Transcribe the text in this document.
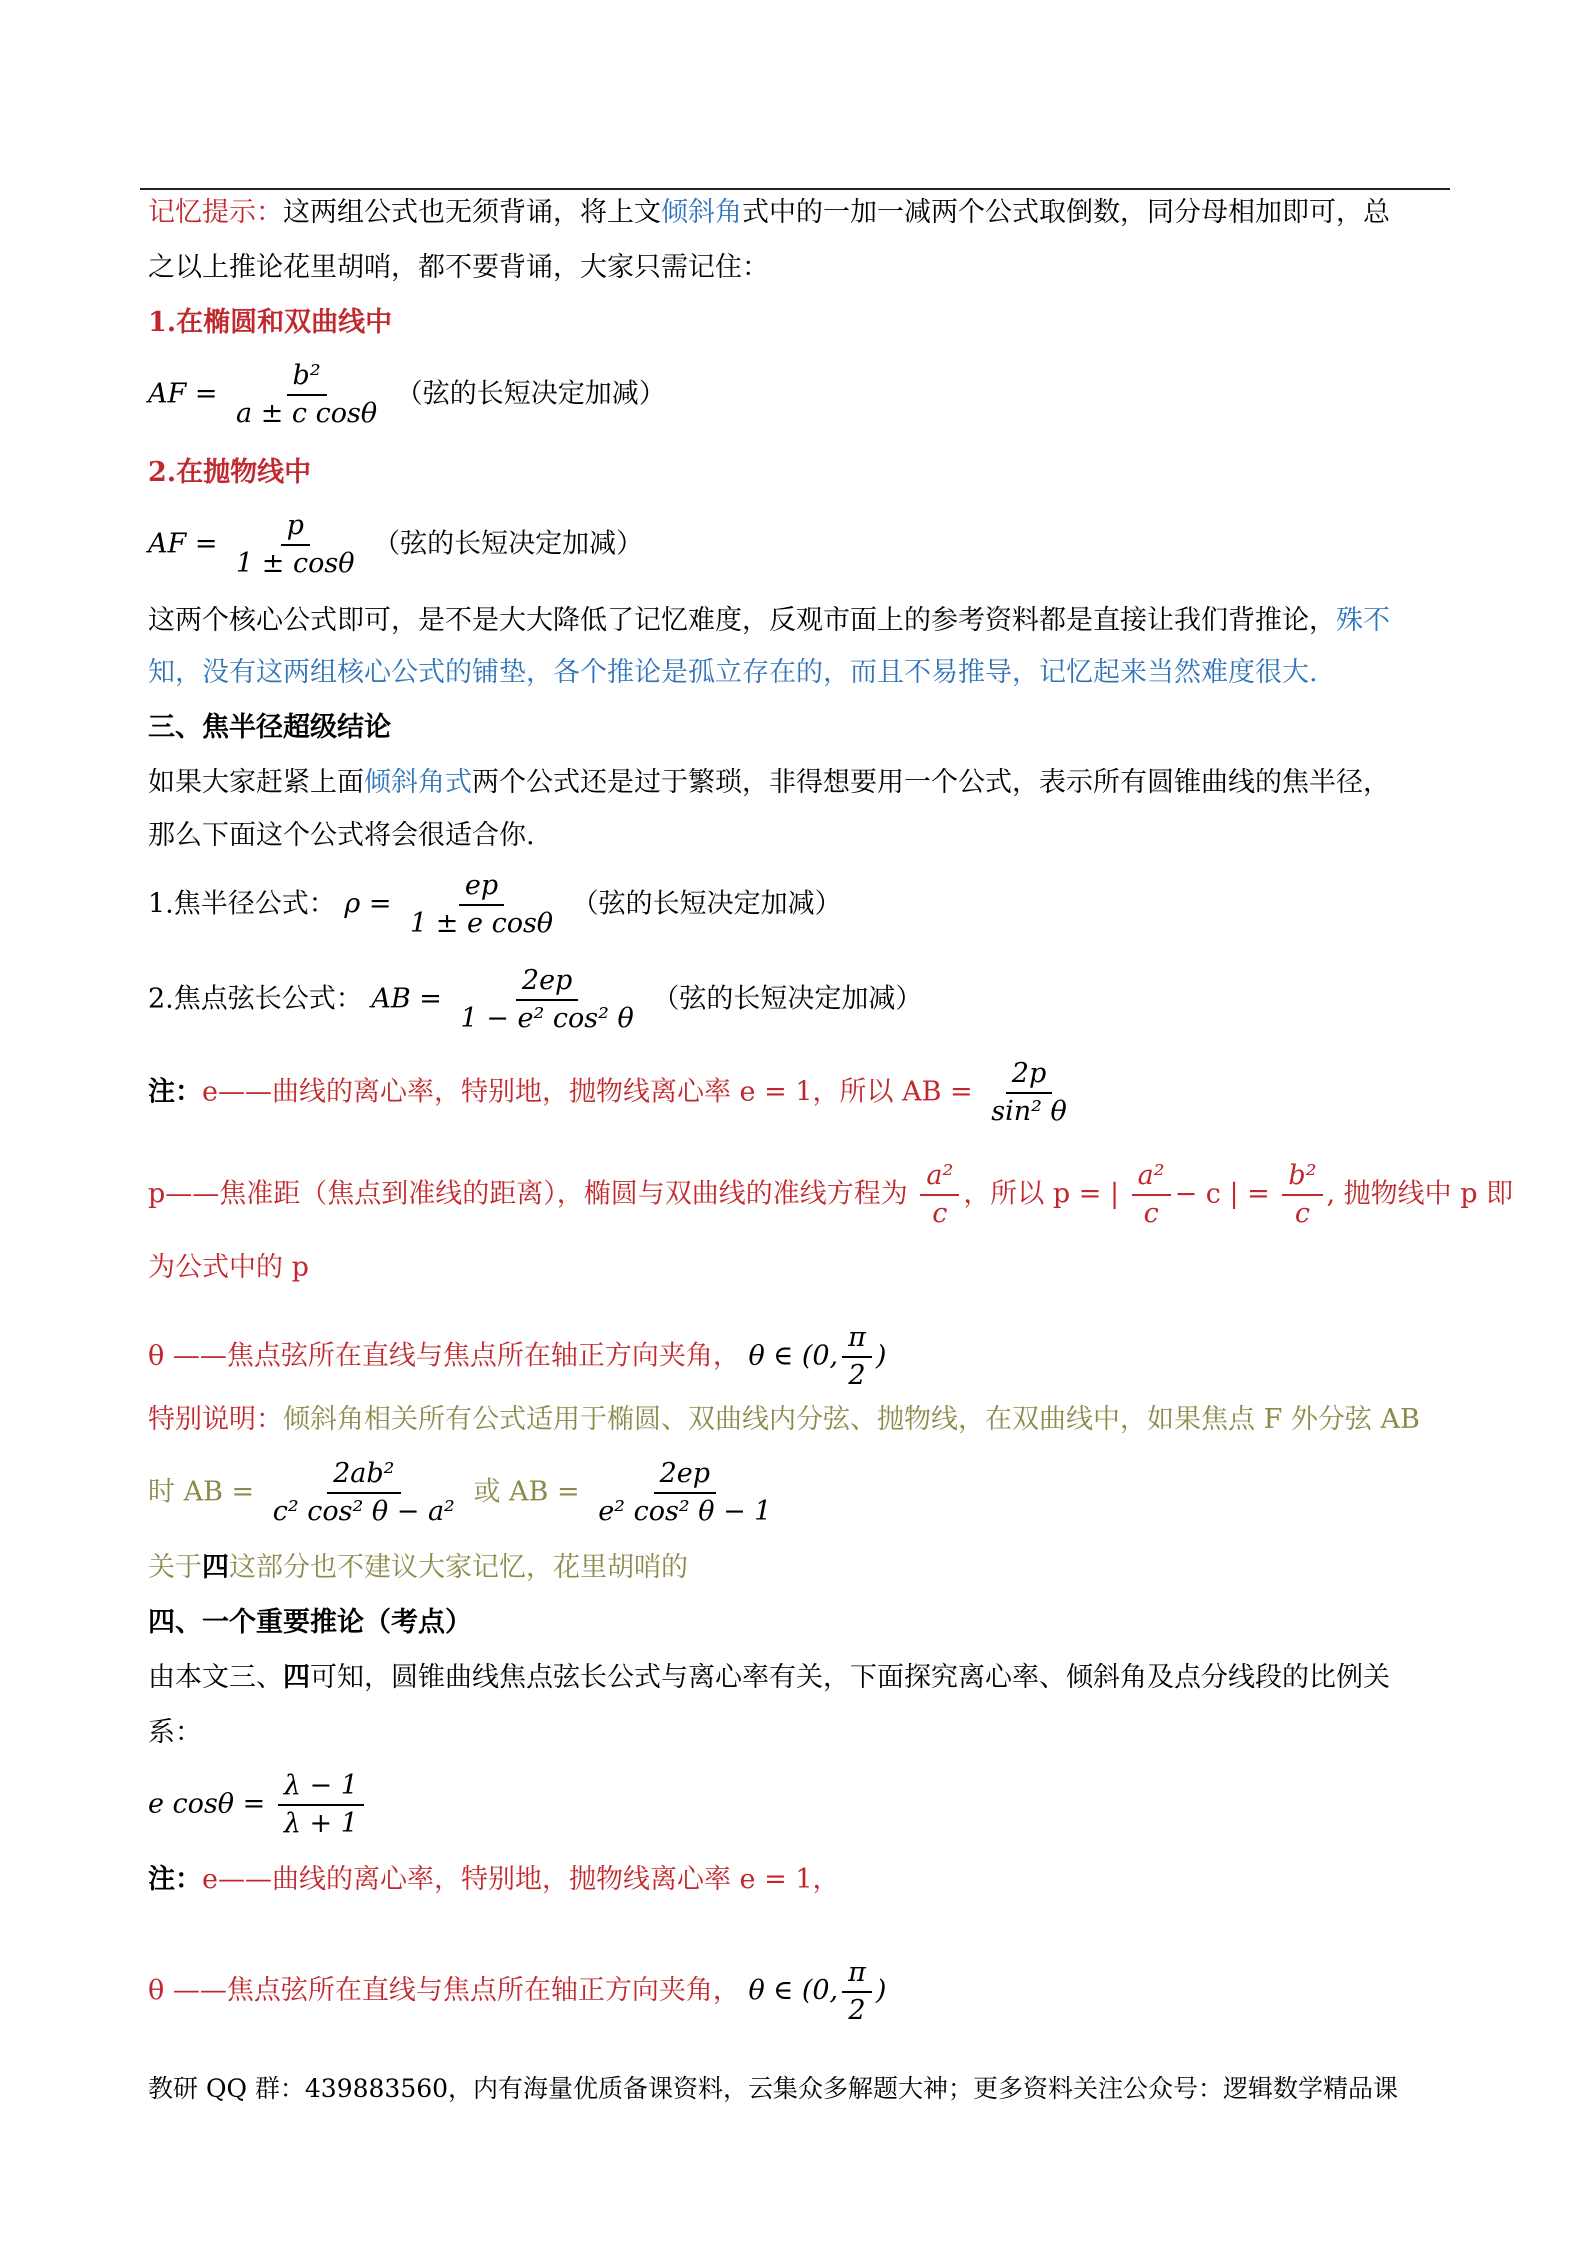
记忆提示：这两组公式也无须背诵，将上文倾斜角式中的一加一减两个公式取倒数，同分母相加即可，总
之以上推论花里胡哨，都不要背诵，大家只需记住：
1.在椭圆和双曲线中
AF = $\frac{\text{b²}}{\text{a ± c cosθ}}$ （弦的长短决定加减）
2.在抛物线中
AF = $\frac{p}{1 \pm \cos\theta}$ （弦的长短决定加减）
这两个核心公式即可，是不是大大降低了记忆难度，反观市面上的参考资料都是直接让我们背推论，殊不
知，没有这两组核心公式的铺垫，各个推论是孤立存在的，而且不易推导，记忆起来当然难度很大.
三、焦半径超级结论
如果大家赶紧上面倾斜角式两个公式还是过于繁琐，非得想要用一个公式，表示所有圆锥曲线的焦半径，
那么下面这个公式将会很适合你.
1.焦半径公式： $\rho = \frac{ep}{\text{1 ± e cosθ}}$ （弦的长短决定加减）
2.焦点弦长公式： AB = $\frac{2ep}{\text{1 − e² cos² θ}}$ （弦的长短决定加减）
注：e——曲线的离心率，特别地，抛物线离心率 e = 1，所以 AB = $\frac{2p}{\text{sin² θ}}$
p——焦准距（焦点到准线的距离），椭圆与双曲线的准线方程为 $\frac{\text{a²}}{c}$ ，所以 p = | $\frac{\text{a²}}{c} - c$ | = $\frac{\text{b²}}{c}$ , 抛物线中 p 即
为公式中的 p
θ ——焦点弦所在直线与焦点所在轴正方向夹角， θ ∈ (0, $\frac{\pi}{2}$ )
特别说明：倾斜角相关所有公式适用于椭圆、双曲线内分弦、抛物线，在双曲线中，如果焦点 F 外分弦 AB
时 AB = $\frac{\text{2ab²}}{\text{c² cos² θ − a²}}$ 或 AB = $\frac{2ep}{\text{e² cos² θ − 1}}$
关于四这部分也不建议大家记忆，花里胡哨的
四、一个重要推论（考点）
由本文三、四可知，圆锥曲线焦点弦长公式与离心率有关，下面探究离心率、倾斜角及点分线段的比例关
系：
e $\cos\theta = \frac{\lambda - 1}{\lambda + 1}$
注：e——曲线的离心率，特别地，抛物线离心率 e = 1，
θ ——焦点弦所在直线与焦点所在轴正方向夹角， θ ∈ (0, $\frac{\pi}{2}$ )
教研 QQ 群：439883560，内有海量优质备课资料，云集众多解题大神；更多资料关注公众号：逻辑数学精品课
